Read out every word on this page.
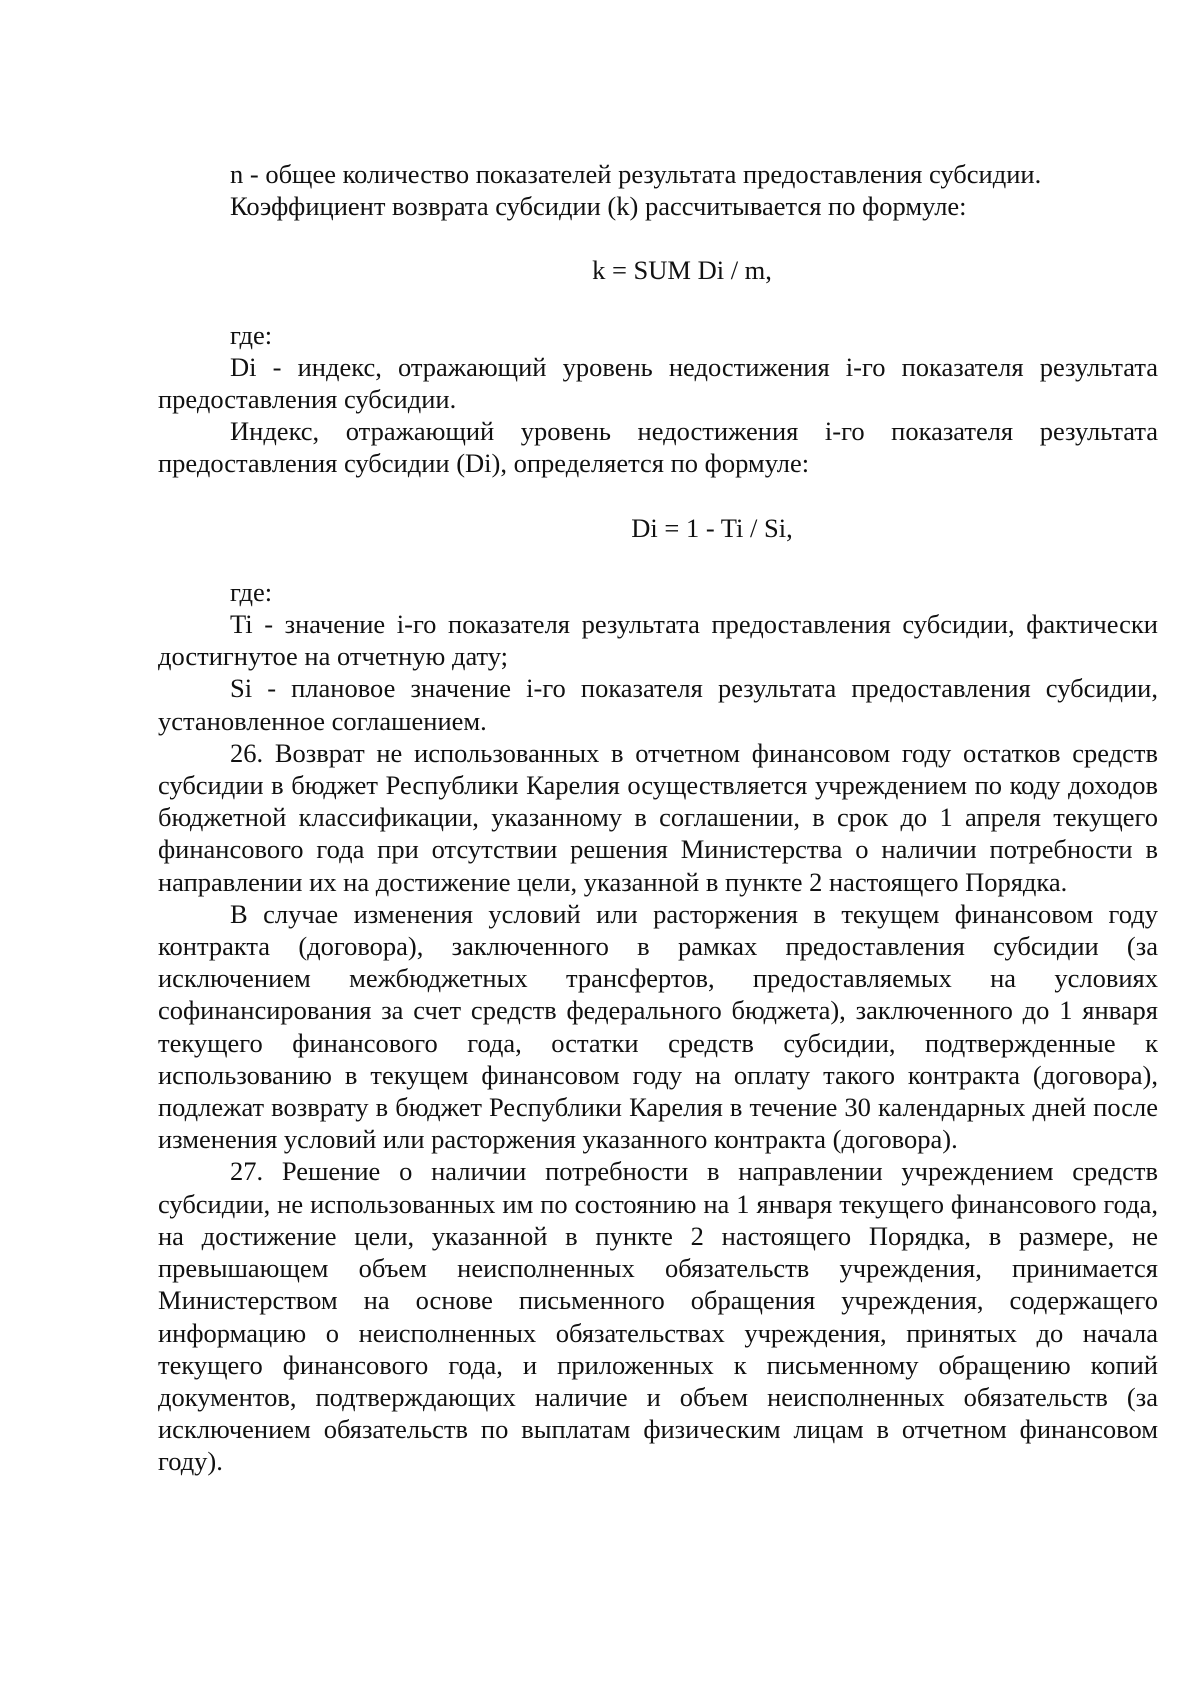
n - общее количество показателей результата предоставления субсидии.

Коэффициент возврата субсидии (k) рассчитывается по формуле:

k = SUM Di / m,

где:

Di - индекс, отражающий уровень недостижения i-го показателя результата предоставления субсидии.

Индекс, отражающий уровень недостижения i-го показателя результата предоставления субсидии (Di), определяется по формуле:

Di = 1 - Ti / Si,

где:

Ti - значение i-го показателя результата предоставления субсидии, фактически достигнутое на отчетную дату;

Si - плановое значение i-го показателя результата предоставления субсидии, установленное соглашением.

26. Возврат не использованных в отчетном финансовом году остатков средств субсидии в бюджет Республики Карелия осуществляется учреждением по коду доходов бюджетной классификации, указанному в соглашении, в срок до 1 апреля текущего финансового года при отсутствии решения Министерства о наличии потребности в направлении их на достижение цели, указанной в пункте 2 настоящего Порядка.

В случае изменения условий или расторжения в текущем финансовом году контракта (договора), заключенного в рамках предоставления субсидии (за исключением межбюджетных трансфертов, предоставляемых на условиях софинансирования за счет средств федерального бюджета), заключенного до 1 января текущего финансового года, остатки средств субсидии, подтвержденные к использованию в текущем финансовом году на оплату такого контракта (договора), подлежат возврату в бюджет Республики Карелия в течение 30 календарных дней после изменения условий или расторжения указанного контракта (договора).

27. Решение о наличии потребности в направлении учреждением средств субсидии, не использованных им по состоянию на 1 января текущего финансового года, на достижение цели, указанной в пункте 2 настоящего Порядка, в размере, не превышающем объем неисполненных обязательств учреждения, принимается Министерством на основе письменного обращения учреждения, содержащего информацию о неисполненных обязательствах учреждения, принятых до начала текущего финансового года, и приложенных к письменному обращению копий документов, подтверждающих наличие и объем неисполненных обязательств (за исключением обязательств по выплатам физическим лицам в отчетном финансовом году).
